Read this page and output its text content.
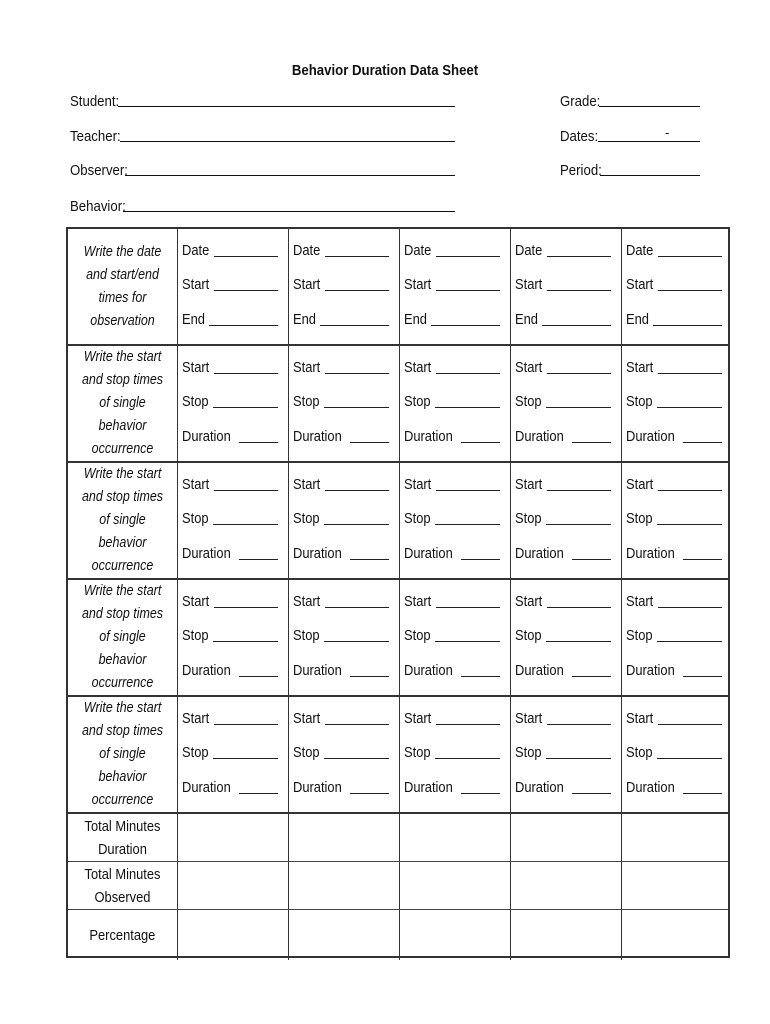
Behavior Duration Data Sheet
Student:
Teacher:
Observer:
Behavior:
Grade:
Dates:	-
Period:
Write the date and start/end times for observation
Date
Start
End
Date
Start
End
Date
Start
End
Date
Start
End
Date
Start
End
Write the start and stop times of single behavior occurrence
Start
Stop
Duration
Start
Stop
Duration
Start
Stop
Duration
Start
Stop
Duration
Start
Stop
Duration
Write the start and stop times of single behavior occurrence
Start
Stop
Duration
Start
Stop
Duration
Start
Stop
Duration
Start
Stop
Duration
Start
Stop
Duration
Write the start and stop times of single behavior occurrence
Start
Stop
Duration
Start
Stop
Duration
Start
Stop
Duration
Start
Stop
Duration
Start
Stop
Duration
Write the start and stop times of single behavior occurrence
Start
Stop
Duration
Start
Stop
Duration
Start
Stop
Duration
Start
Stop
Duration
Start
Stop
Duration
Total Minutes Duration
Total Minutes Observed
Percentage
